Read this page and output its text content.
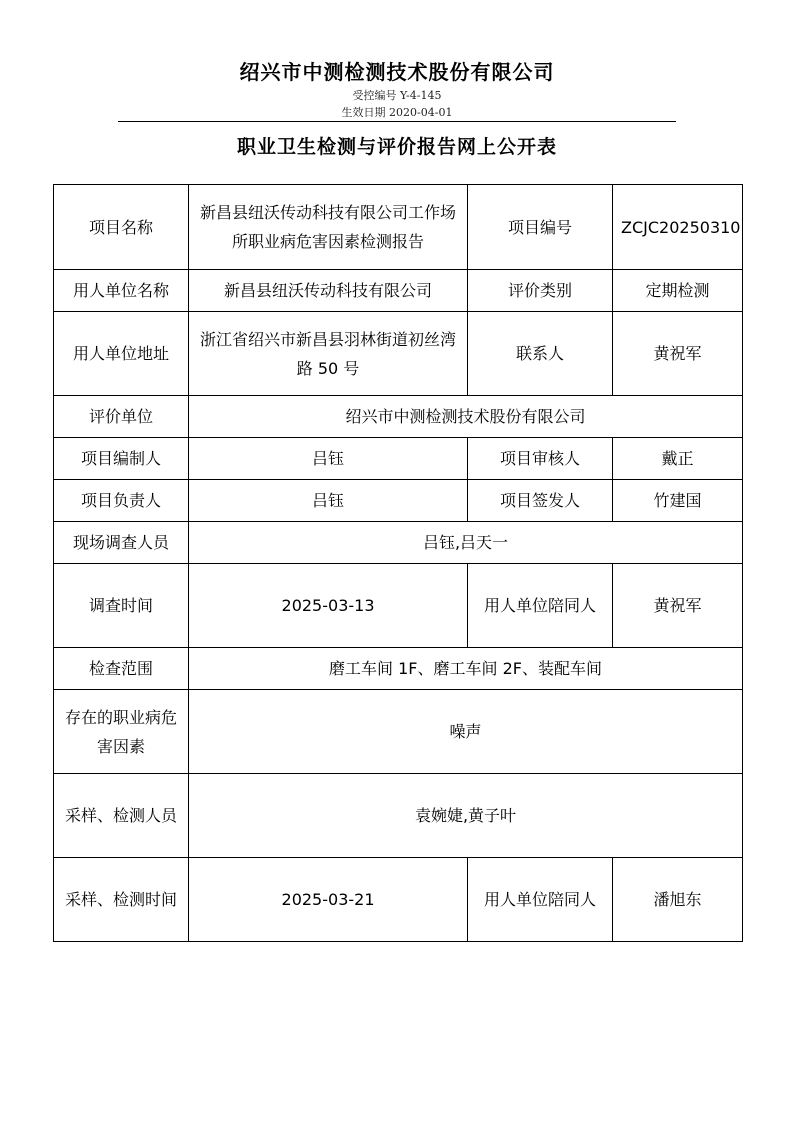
绍兴市中测检测技术股份有限公司
受控编号 Y-4-145
生效日期 2020-04-01
职业卫生检测与评价报告网上公开表
项目名称	新昌县纽沃传动科技有限公司工作场所职业病危害因素检测报告	项目编号	ZCJC20250310
用人单位名称	新昌县纽沃传动科技有限公司	评价类别	定期检测
用人单位地址	浙江省绍兴市新昌县羽林街道初丝湾路 50 号	联系人	黄祝军
评价单位	绍兴市中测检测技术股份有限公司		
项目编制人	吕钰	项目审核人	戴正
项目负责人	吕钰	项目签发人	竹建国
现场调查人员	吕钰,吕天一		
调查时间	2025-03-13	用人单位陪同人	黄祝军
检查范围	磨工车间 1F、磨工车间 2F、装配车间		
存在的职业病危害因素	噪声		
采样、检测人员	袁婉婕,黄子叶		
采样、检测时间	2025-03-21	用人单位陪同人	潘旭东
